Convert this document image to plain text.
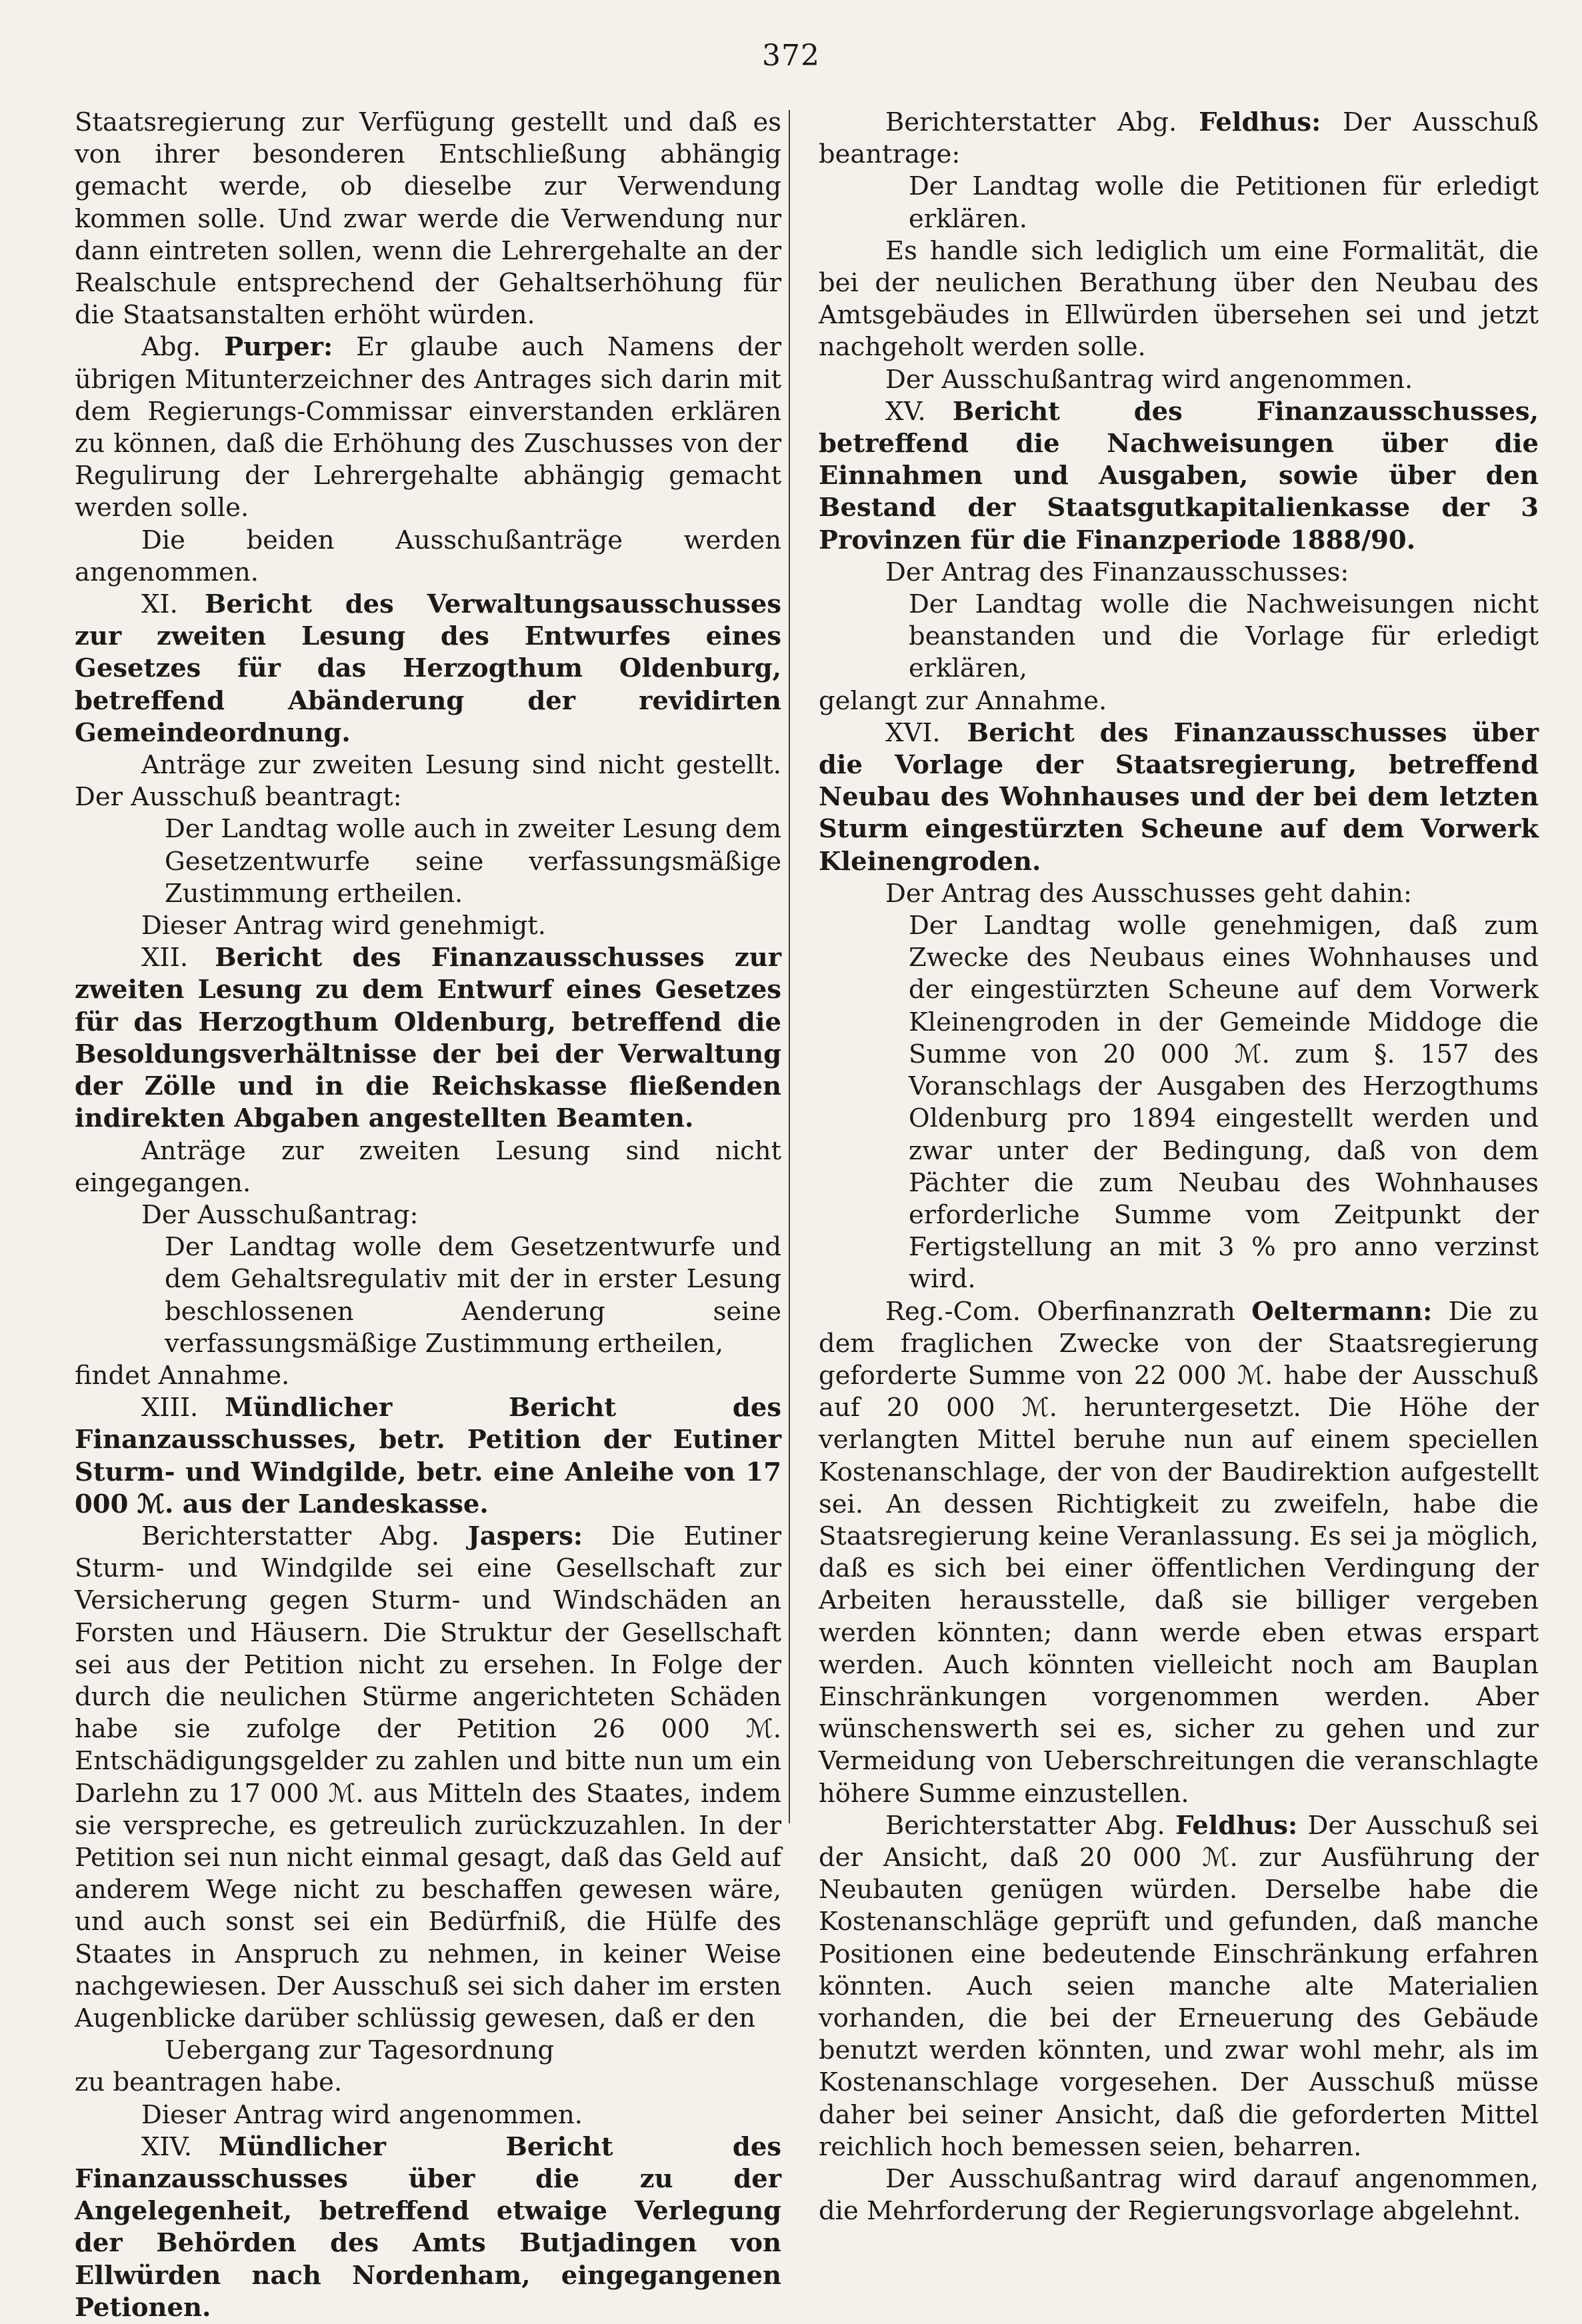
372

Staatsregierung zur Verfügung gestellt und daß es von ihrer besonderen Entschließung abhängig gemacht werde, ob dieselbe zur Verwendung kommen solle. Und zwar werde die Verwendung nur dann eintreten sollen, wenn die Lehrergehalte an der Realschule entsprechend der Gehaltserhöhung für die Staatsanstalten erhöht würden.

Abg. Purper: Er glaube auch Namens der übrigen Mitunterzeichner des Antrages sich darin mit dem Regierungs-Commissar einverstanden erklären zu können, daß die Erhöhung des Zuschusses von der Regulirung der Lehrergehalte abhängig gemacht werden solle.

Die beiden Ausschußanträge werden angenommen.

XI. Bericht des Verwaltungsausschusses zur zweiten Lesung des Entwurfes eines Gesetzes für das Herzogthum Oldenburg, betreffend Abänderung der revidirten Gemeindeordnung.

Anträge zur zweiten Lesung sind nicht gestellt. Der Ausschuß beantragt:

Der Landtag wolle auch in zweiter Lesung dem Gesetzentwurfe seine verfassungsmäßige Zustimmung ertheilen.

Dieser Antrag wird genehmigt.

XII. Bericht des Finanzausschusses zur zweiten Lesung zu dem Entwurf eines Gesetzes für das Herzogthum Oldenburg, betreffend die Besoldungsverhältnisse der bei der Verwaltung der Zölle und in die Reichskasse fließenden indirekten Abgaben angestellten Beamten.

Anträge zur zweiten Lesung sind nicht eingegangen.

Der Ausschußantrag:

Der Landtag wolle dem Gesetzentwurfe und dem Gehaltsregulativ mit der in erster Lesung beschlossenen Aenderung seine verfassungsmäßige Zustimmung ertheilen,

findet Annahme.

XIII. Mündlicher Bericht des Finanzausschusses, betr. Petition der Eutiner Sturm- und Windgilde, betr. eine Anleihe von 17 000 ℳ. aus der Landeskasse.

Berichterstatter Abg. Jaspers: Die Eutiner Sturm- und Windgilde sei eine Gesellschaft zur Versicherung gegen Sturm- und Windschäden an Forsten und Häusern. Die Struktur der Gesellschaft sei aus der Petition nicht zu ersehen. In Folge der durch die neulichen Stürme angerichteten Schäden habe sie zufolge der Petition 26 000 ℳ. Entschädigungsgelder zu zahlen und bitte nun um ein Darlehn zu 17 000 ℳ. aus Mitteln des Staates, indem sie verspreche, es getreulich zurückzuzahlen. In der Petition sei nun nicht einmal gesagt, daß das Geld auf anderem Wege nicht zu beschaffen gewesen wäre, und auch sonst sei ein Bedürfniß, die Hülfe des Staates in Anspruch zu nehmen, in keiner Weise nachgewiesen. Der Ausschuß sei sich daher im ersten Augenblicke darüber schlüssig gewesen, daß er den

Uebergang zur Tagesordnung

zu beantragen habe.

Dieser Antrag wird angenommen.

XIV. Mündlicher Bericht des Finanzausschusses über die zu der Angelegenheit, betreffend etwaige Verlegung der Behörden des Amts Butjadingen von Ellwürden nach Nordenham, eingegangenen Petionen.

Berichterstatter Abg. Feldhus: Der Ausschuß beantrage:

Der Landtag wolle die Petitionen für erledigt erklären.

Es handle sich lediglich um eine Formalität, die bei der neulichen Berathung über den Neubau des Amtsgebäudes in Ellwürden übersehen sei und jetzt nachgeholt werden solle.

Der Ausschußantrag wird angenommen.

XV. Bericht des Finanzausschusses, betreffend die Nachweisungen über die Einnahmen und Ausgaben, sowie über den Bestand der Staatsgutkapitalienkasse der 3 Provinzen für die Finanzperiode 1888/90.

Der Antrag des Finanzausschusses:

Der Landtag wolle die Nachweisungen nicht beanstanden und die Vorlage für erledigt erklären,

gelangt zur Annahme.

XVI. Bericht des Finanzausschusses über die Vorlage der Staatsregierung, betreffend Neubau des Wohnhauses und der bei dem letzten Sturm eingestürzten Scheune auf dem Vorwerk Kleinengroden.

Der Antrag des Ausschusses geht dahin:

Der Landtag wolle genehmigen, daß zum Zwecke des Neubaus eines Wohnhauses und der eingestürzten Scheune auf dem Vorwerk Kleinengroden in der Gemeinde Middoge die Summe von 20 000 ℳ. zum §. 157 des Voranschlags der Ausgaben des Herzogthums Oldenburg pro 1894 eingestellt werden und zwar unter der Bedingung, daß von dem Pächter die zum Neubau des Wohnhauses erforderliche Summe vom Zeitpunkt der Fertigstellung an mit 3 % pro anno verzinst wird.

Reg.-Com. Oberfinanzrath Oeltermann: Die zu dem fraglichen Zwecke von der Staatsregierung geforderte Summe von 22 000 ℳ. habe der Ausschuß auf 20 000 ℳ. heruntergesetzt. Die Höhe der verlangten Mittel beruhe nun auf einem speciellen Kostenanschlage, der von der Baudirektion aufgestellt sei. An dessen Richtigkeit zu zweifeln, habe die Staatsregierung keine Veranlassung. Es sei ja möglich, daß es sich bei einer öffentlichen Verdingung der Arbeiten herausstelle, daß sie billiger vergeben werden könnten; dann werde eben etwas erspart werden. Auch könnten vielleicht noch am Bauplan Einschränkungen vorgenommen werden. Aber wünschenswerth sei es, sicher zu gehen und zur Vermeidung von Ueberschreitungen die veranschlagte höhere Summe einzustellen.

Berichterstatter Abg. Feldhus: Der Ausschuß sei der Ansicht, daß 20 000 ℳ. zur Ausführung der Neubauten genügen würden. Derselbe habe die Kostenanschläge geprüft und gefunden, daß manche Positionen eine bedeutende Einschränkung erfahren könnten. Auch seien manche alte Materialien vorhanden, die bei der Erneuerung des Gebäude benutzt werden könnten, und zwar wohl mehr, als im Kostenanschlage vorgesehen. Der Ausschuß müsse daher bei seiner Ansicht, daß die geforderten Mittel reichlich hoch bemessen seien, beharren.

Der Ausschußantrag wird darauf angenommen, die Mehrforderung der Regierungsvorlage abgelehnt.
